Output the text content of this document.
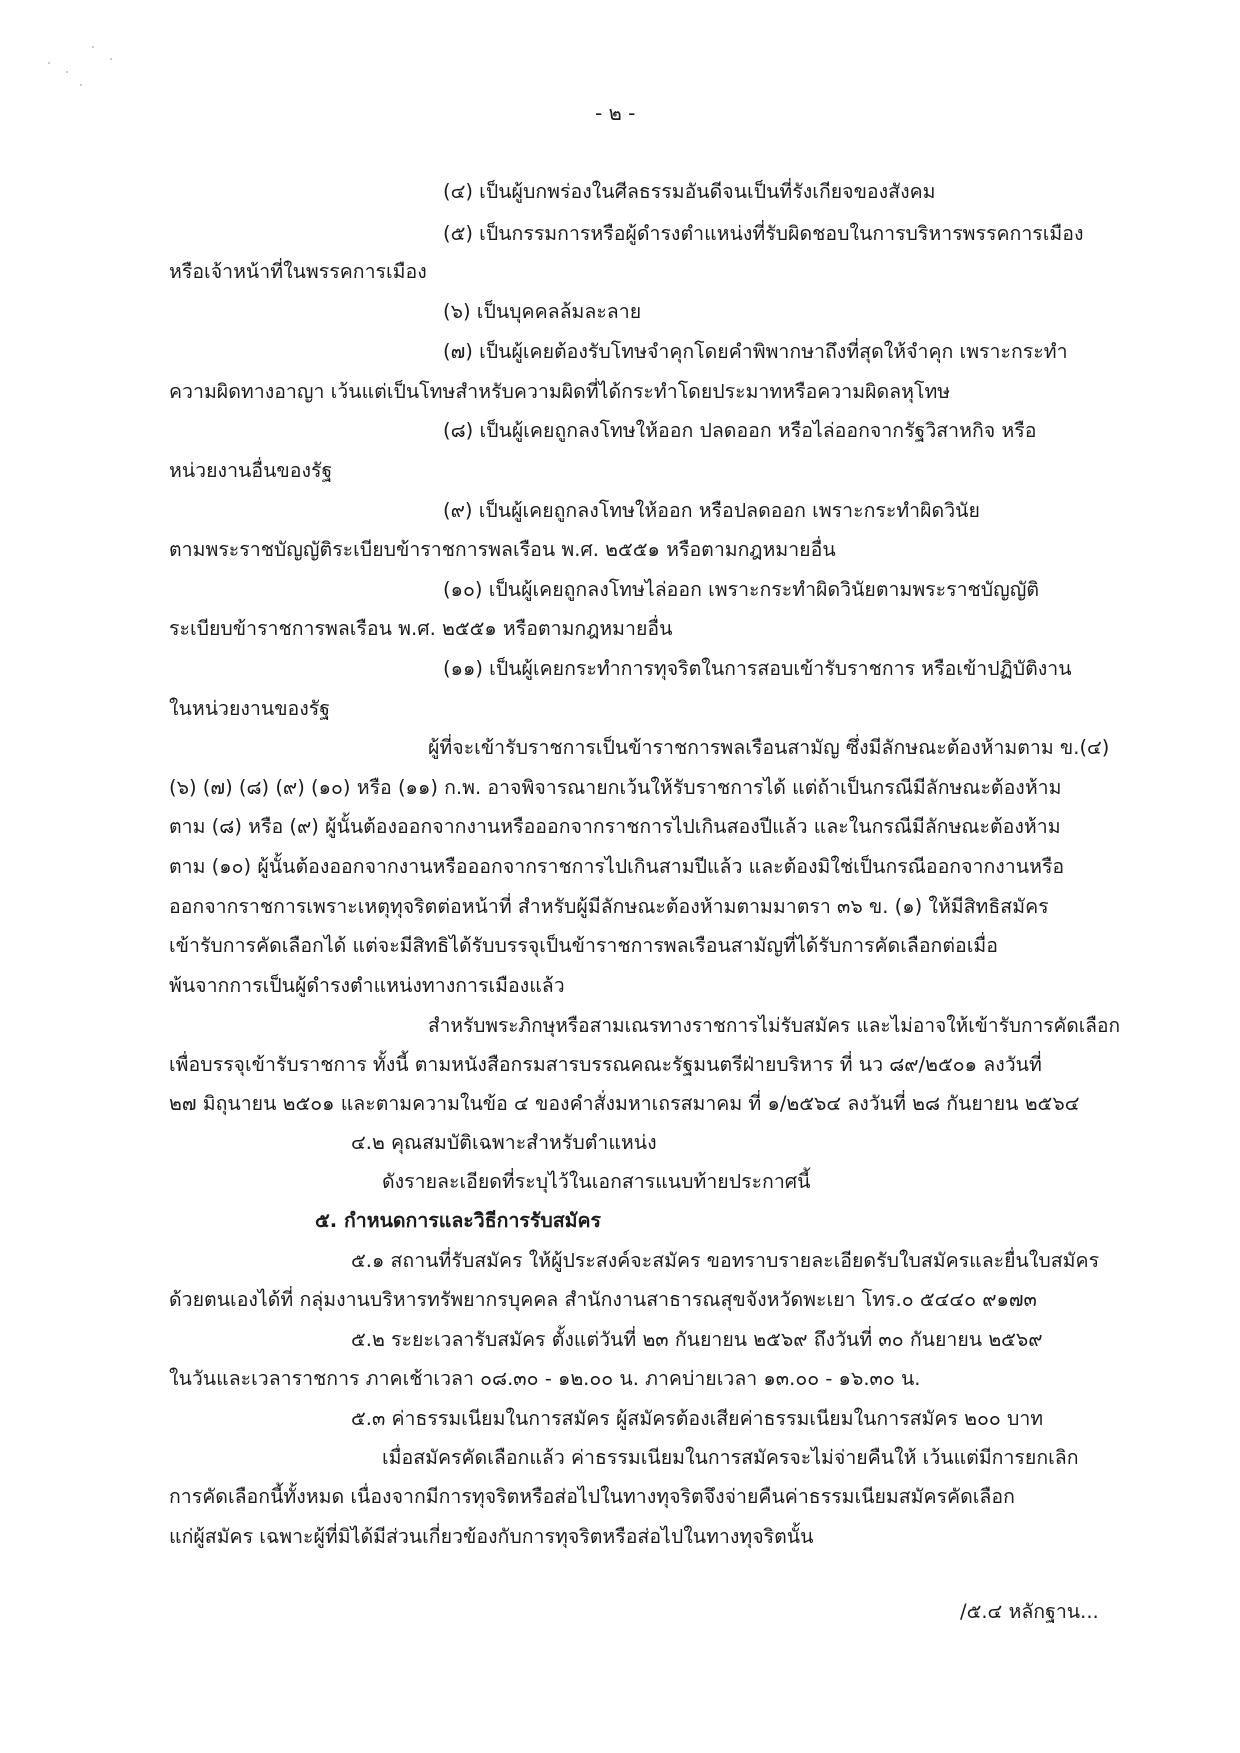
- ๒ -
(๔) เป็นผู้บกพร่องในศีลธรรมอันดีจนเป็นที่รังเกียจของสังคม
(๕) เป็นกรรมการหรือผู้ดำรงตำแหน่งที่รับผิดชอบในการบริหารพรรคการเมือง
หรือเจ้าหน้าที่ในพรรคการเมือง
(๖) เป็นบุคคลล้มละลาย
(๗) เป็นผู้เคยต้องรับโทษจำคุกโดยคำพิพากษาถึงที่สุดให้จำคุก เพราะกระทำ
ความผิดทางอาญา เว้นแต่เป็นโทษสำหรับความผิดที่ได้กระทำโดยประมาทหรือความผิดลหุโทษ
(๘) เป็นผู้เคยถูกลงโทษให้ออก ปลดออก หรือไล่ออกจากรัฐวิสาหกิจ หรือ
หน่วยงานอื่นของรัฐ
(๙) เป็นผู้เคยถูกลงโทษให้ออก หรือปลดออก เพราะกระทำผิดวินัย
ตามพระราชบัญญัติระเบียบข้าราชการพลเรือน พ.ศ. ๒๕๕๑ หรือตามกฎหมายอื่น
(๑๐) เป็นผู้เคยถูกลงโทษไล่ออก เพราะกระทำผิดวินัยตามพระราชบัญญัติ
ระเบียบข้าราชการพลเรือน พ.ศ. ๒๕๕๑ หรือตามกฎหมายอื่น
(๑๑) เป็นผู้เคยกระทำการทุจริตในการสอบเข้ารับราชการ หรือเข้าปฏิบัติงาน
ในหน่วยงานของรัฐ
ผู้ที่จะเข้ารับราชการเป็นข้าราชการพลเรือนสามัญ ซึ่งมีลักษณะต้องห้ามตาม ข.(๔)
(๖) (๗) (๘) (๙) (๑๐) หรือ (๑๑) ก.พ. อาจพิจารณายกเว้นให้รับราชการได้ แต่ถ้าเป็นกรณีมีลักษณะต้องห้าม
ตาม (๘) หรือ (๙) ผู้นั้นต้องออกจากงานหรือออกจากราชการไปเกินสองปีแล้ว และในกรณีมีลักษณะต้องห้าม
ตาม (๑๐) ผู้นั้นต้องออกจากงานหรือออกจากราชการไปเกินสามปีแล้ว และต้องมิใช่เป็นกรณีออกจากงานหรือ
ออกจากราชการเพราะเหตุทุจริตต่อหน้าที่ สำหรับผู้มีลักษณะต้องห้ามตามมาตรา ๓๖ ข. (๑) ให้มีสิทธิสมัคร
เข้ารับการคัดเลือกได้ แต่จะมีสิทธิได้รับบรรจุเป็นข้าราชการพลเรือนสามัญที่ได้รับการคัดเลือกต่อเมื่อ
พ้นจากการเป็นผู้ดำรงตำแหน่งทางการเมืองแล้ว
สำหรับพระภิกษุหรือสามเณรทางราชการไม่รับสมัคร และไม่อาจให้เข้ารับการคัดเลือก
เพื่อบรรจุเข้ารับราชการ ทั้งนี้ ตามหนังสือกรมสารบรรณคณะรัฐมนตรีฝ่ายบริหาร ที่ นว ๘๙/๒๕๐๑ ลงวันที่
๒๗ มิถุนายน ๒๕๐๑ และตามความในข้อ ๔ ของคำสั่งมหาเถรสมาคม ที่ ๑/๒๕๖๔ ลงวันที่ ๒๘ กันยายน ๒๕๖๔
๔.๒ คุณสมบัติเฉพาะสำหรับตำแหน่ง
ดังรายละเอียดที่ระบุไว้ในเอกสารแนบท้ายประกาศนี้
๕. กำหนดการและวิธีการรับสมัคร
๕.๑ สถานที่รับสมัคร ให้ผู้ประสงค์จะสมัคร ขอทราบรายละเอียดรับใบสมัครและยื่นใบสมัคร
ด้วยตนเองได้ที่ กลุ่มงานบริหารทรัพยากรบุคคล สำนักงานสาธารณสุขจังหวัดพะเยา โทร.๐ ๕๔๔๐ ๙๑๗๓
๕.๒ ระยะเวลารับสมัคร ตั้งแต่วันที่ ๒๓ กันยายน ๒๕๖๙ ถึงวันที่ ๓๐ กันยายน ๒๕๖๙
ในวันและเวลาราชการ ภาคเช้าเวลา ๐๘.๓๐ - ๑๒.๐๐ น. ภาคบ่ายเวลา ๑๓.๐๐ - ๑๖.๓๐ น.
๕.๓ ค่าธรรมเนียมในการสมัคร ผู้สมัครต้องเสียค่าธรรมเนียมในการสมัคร ๒๐๐ บาท
เมื่อสมัครคัดเลือกแล้ว ค่าธรรมเนียมในการสมัครจะไม่จ่ายคืนให้ เว้นแต่มีการยกเลิก
การคัดเลือกนี้ทั้งหมด เนื่องจากมีการทุจริตหรือส่อไปในทางทุจริตจึงจ่ายคืนค่าธรรมเนียมสมัครคัดเลือก
แก่ผู้สมัคร เฉพาะผู้ที่มิได้มีส่วนเกี่ยวข้องกับการทุจริตหรือส่อไปในทางทุจริตนั้น
/๕.๔ หลักฐาน...
